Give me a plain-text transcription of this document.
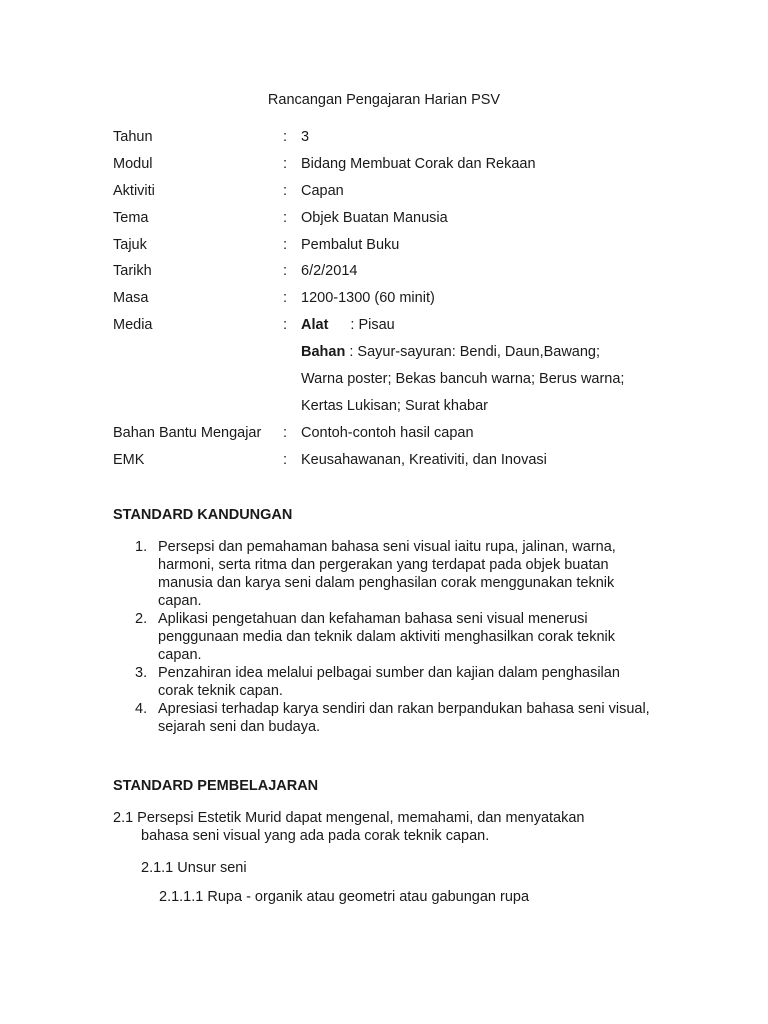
Rancangan Pengajaran Harian PSV
Tahun	: 3
Modul	: Bidang Membuat Corak dan Rekaan
Aktiviti	: Capan
Tema	: Objek Buatan Manusia
Tajuk	: Pembalut Buku
Tarikh	: 6/2/2014
Masa	: 1200-1300 (60 minit)
Media	: Alat : Pisau
Bahan : Sayur-sayuran: Bendi, Daun,Bawang;
Warna poster; Bekas bancuh warna; Berus warna;
Kertas Lukisan; Surat khabar
Bahan Bantu Mengajar : Contoh-contoh hasil capan
EMK	: Keusahawanan, Kreativiti, dan Inovasi
STANDARD KANDUNGAN
1. Persepsi dan pemahaman bahasa seni visual iaitu rupa, jalinan, warna, harmoni, serta ritma dan pergerakan yang terdapat pada objek buatan manusia dan karya seni dalam penghasilan corak menggunakan teknik capan.
2. Aplikasi pengetahuan dan kefahaman bahasa seni visual menerusi penggunaan media dan teknik dalam aktiviti menghasilkan corak teknik capan.
3. Penzahiran idea melalui pelbagai sumber dan kajian dalam penghasilan corak teknik capan.
4. Apresiasi terhadap karya sendiri dan rakan berpandukan bahasa seni visual, sejarah seni dan budaya.
STANDARD PEMBELAJARAN
2.1 Persepsi Estetik Murid dapat mengenal, memahami, dan menyatakan
bahasa seni visual yang ada pada corak teknik capan.
2.1.1 Unsur seni
2.1.1.1 Rupa - organik atau geometri atau gabungan rupa
